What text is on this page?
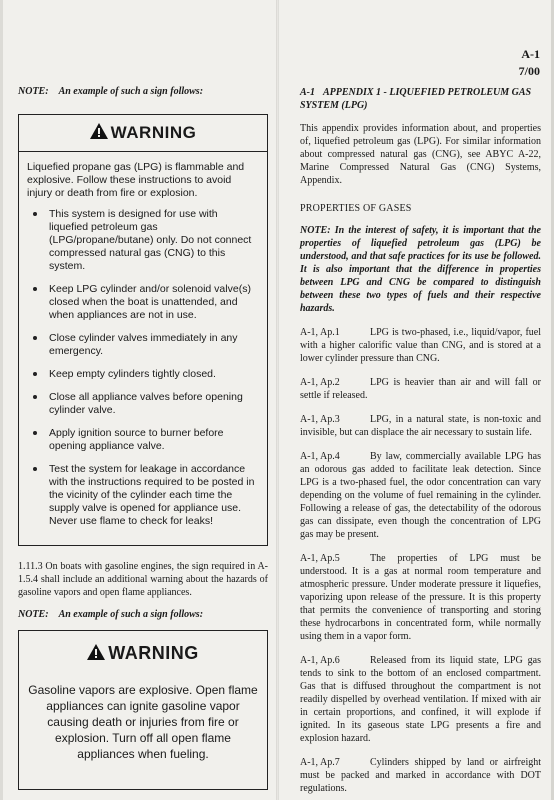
A-1
7/00

NOTE: An example of such a sign follows:

WARNING

Liquefied propane gas (LPG) is flammable and explosive. Follow these instructions to avoid injury or death from fire or explosion.

This system is designed for use with liquefied petroleum gas (LPG/propane/butane) only. Do not connect compressed natural gas (CNG) to this system.
Keep LPG cylinder and/or solenoid valve(s) closed when the boat is unattended, and when appliances are not in use.
Close cylinder valves immediately in any emergency.
Keep empty cylinders tightly closed.
Close all appliance valves before opening cylinder valve.
Apply ignition source to burner before opening appliance valve.
Test the system for leakage in accordance with the instructions required to be posted in the vicinity of the cylinder each time the supply valve is opened for appliance use. Never use flame to check for leaks!

1.11.3 On boats with gasoline engines, the sign required in A-1.5.4 shall include an additional warning about the hazards of gasoline vapors and open flame appliances.

NOTE: An example of such a sign follows:

WARNING

Gasoline vapors are explosive. Open flame appliances can ignite gasoline vapor causing death or injuries from fire or explosion. Turn off all open flame appliances when fueling.

A-1 APPENDIX 1 - LIQUEFIED PETROLEUM GAS SYSTEM (LPG)

This appendix provides information about, and properties of, liquefied petroleum gas (LPG). For similar information about compressed natural gas (CNG), see ABYC A-22, Marine Compressed Natural Gas (CNG) Systems, Appendix.

PROPERTIES OF GASES

NOTE: In the interest of safety, it is important that the properties of liquefied petroleum gas (LPG) be understood, and that safe practices for its use be followed. It is also important that the difference in properties between LPG and CNG be compared to distinguish between these two types of fuels and their respective hazards.

A-1, Ap.1	LPG is two-phased, i.e., liquid/vapor, fuel with a higher calorific value than CNG, and is stored at a lower cylinder pressure than CNG.

A-1, Ap.2	LPG is heavier than air and will fall or settle if released.

A-1, Ap.3	LPG, in a natural state, is non-toxic and invisible, but can displace the air necessary to sustain life.

A-1, Ap.4	By law, commercially available LPG has an odorous gas added to facilitate leak detection. Since LPG is a two-phased fuel, the odor concentration can vary depending on the volume of fuel remaining in the cylinder. Following a release of gas, the detectability of the odorous gas can dissipate, even though the concentration of LPG gas may be present.

A-1, Ap.5	The properties of LPG must be understood. It is a gas at normal room temperature and atmospheric pressure. Under moderate pressure it liquefies, vaporizing upon release of the pressure. It is this property that permits the convenience of transporting and storing these hydrocarbons in concentrated form, while normally using them in a vapor form.

A-1, Ap.6	Released from its liquid state, LPG gas tends to sink to the bottom of an enclosed compartment. Gas that is diffused throughout the compartment is not readily dispelled by overhead ventilation. If mixed with air in certain proportions, and confined, it will explode if ignited. In its gaseous state LPG presents a fire and explosion hazard.

A-1, Ap.7	Cylinders shipped by land or airfreight must be packed and marked in accordance with DOT regulations.
